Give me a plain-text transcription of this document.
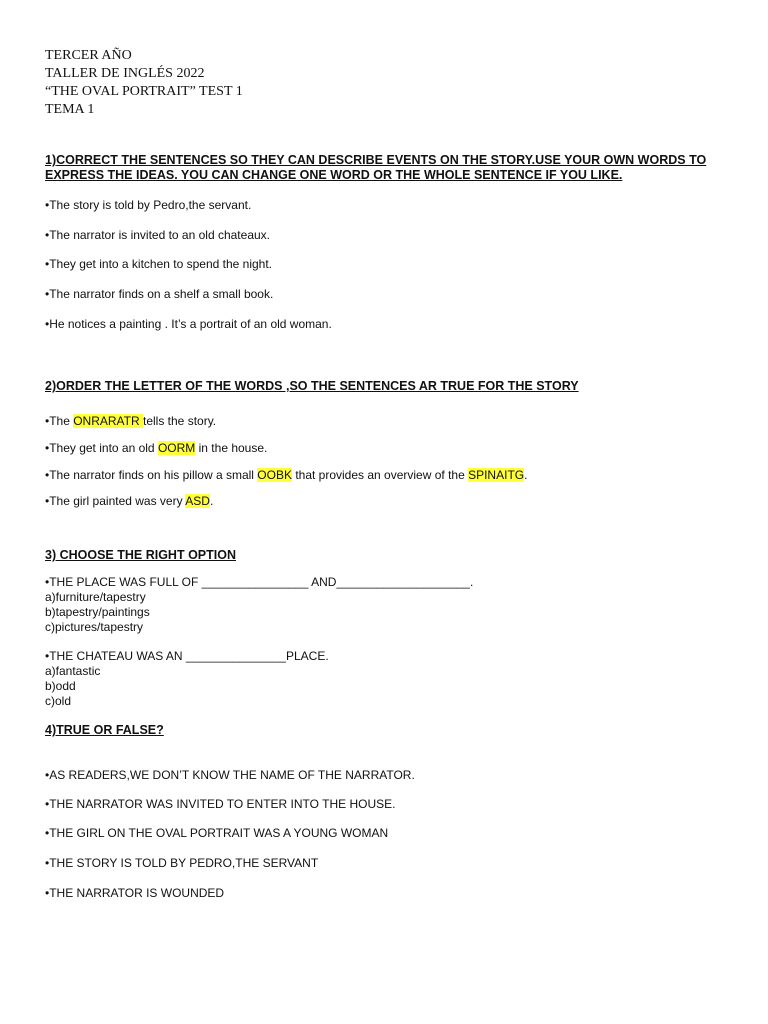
TERCER AÑO
TALLER DE INGLÉS 2022
“THE OVAL PORTRAIT” TEST 1
TEMA 1
1)CORRECT THE SENTENCES SO THEY CAN DESCRIBE EVENTS ON THE STORY.USE YOUR OWN WORDS TO
EXPRESS THE IDEAS. YOU CAN CHANGE ONE WORD OR THE WHOLE SENTENCE IF YOU LIKE.
•The story is told by Pedro,the servant.
•The narrator is invited to an old chateaux.
•They get into a kitchen to spend the night.
•The narrator finds on a shelf a small book.
•He notices a painting . It’s a portrait of an old woman.
2)ORDER THE LETTER OF THE WORDS ,SO THE SENTENCES AR TRUE FOR THE STORY
•The ONRARATR tells the story.
•They get into an old OORM in the house.
•The narrator finds on his pillow a small OOBK that provides an overview of the SPINAITG.
•The girl painted was very ASD.
3) CHOOSE THE RIGHT OPTION
•THE PLACE WAS FULL OF ________________ AND____________________.
a)furniture/tapestry
b)tapestry/paintings
c)pictures/tapestry
•THE CHATEAU WAS AN _______________PLACE.
a)fantastic
b)odd
c)old
4)TRUE OR FALSE?
•AS READERS,WE DON’T KNOW THE NAME OF THE NARRATOR.
•THE NARRATOR WAS INVITED TO ENTER INTO THE HOUSE.
•THE GIRL ON THE OVAL PORTRAIT WAS A YOUNG WOMAN
•THE STORY IS TOLD BY PEDRO,THE SERVANT
•THE NARRATOR IS WOUNDED
